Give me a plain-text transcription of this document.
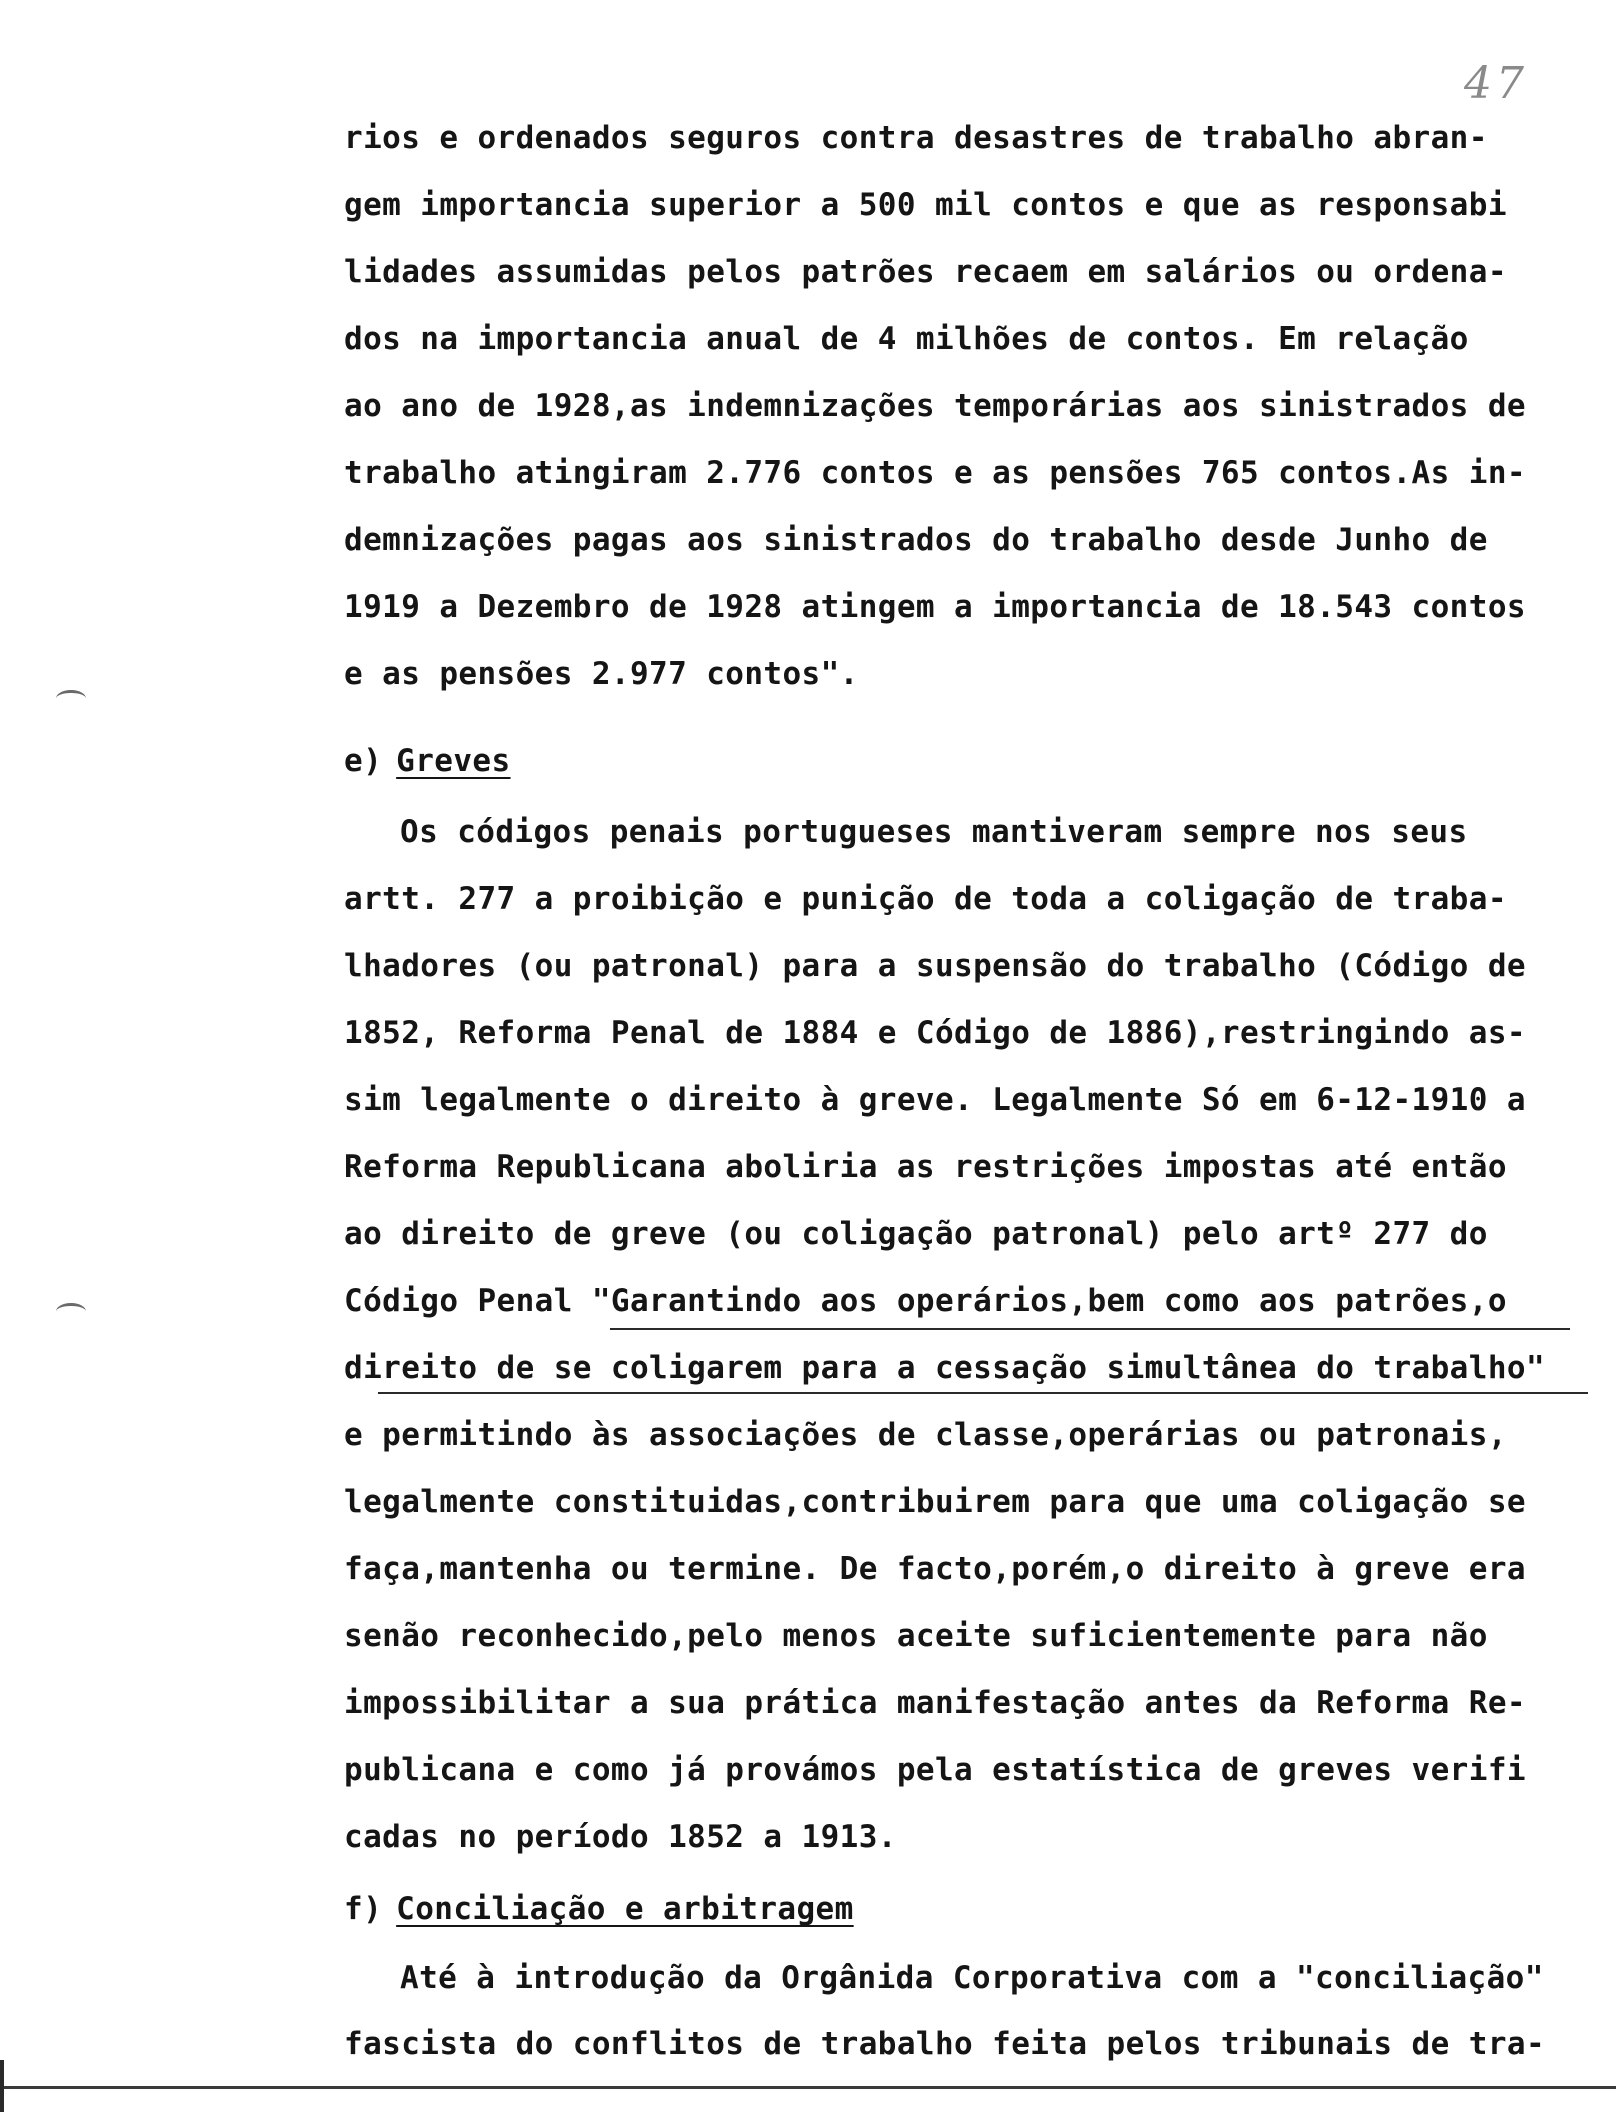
47
rios e ordenados seguros contra desastres de trabalho abran-
gem importancia superior a 500 mil contos e que as responsabi
lidades assumidas pelos patrões recaem em salários ou ordena-
dos na importancia anual de 4 milhões de contos. Em relação
ao ano de 1928,as indemnizações temporárias aos sinistrados de
trabalho atingiram 2.776 contos e as pensões 765 contos.As in-
demnizações pagas aos sinistrados do trabalho desde Junho de
1919 a Dezembro de 1928 atingem a importancia de 18.543 contos
e as pensões 2.977 contos".
e) Greves
Os códigos penais portugueses mantiveram sempre nos seus
artt. 277 a proibição e punição de toda a coligação de traba-
lhadores (ou patronal) para a suspensão do trabalho (Código de
1852, Reforma Penal de 1884 e Código de 1886),restringindo as-
sim legalmente o direito à greve. Legalmente Só em 6-12-1910 a
Reforma Republicana aboliria as restrições impostas até então
ao direito de greve (ou coligação patronal) pelo artº 277 do
Código Penal "Garantindo aos operários,bem como aos patrões,o
direito de se coligarem para a cessação simultânea do trabalho"
e permitindo às associações de classe,operárias ou patronais,
legalmente constituidas,contribuirem para que uma coligação se
faça,mantenha ou termine. De facto,porém,o direito à greve era
senão reconhecido,pelo menos aceite suficientemente para não
impossibilitar a sua prática manifestação antes da Reforma Re-
publicana e como já provámos pela estatística de greves verifi
cadas no período 1852 a 1913.
f) Conciliação e arbitragem
Até à introdução da Orgânida Corporativa com a "conciliação"
fascista do conflitos de trabalho feita pelos tribunais de tra-
